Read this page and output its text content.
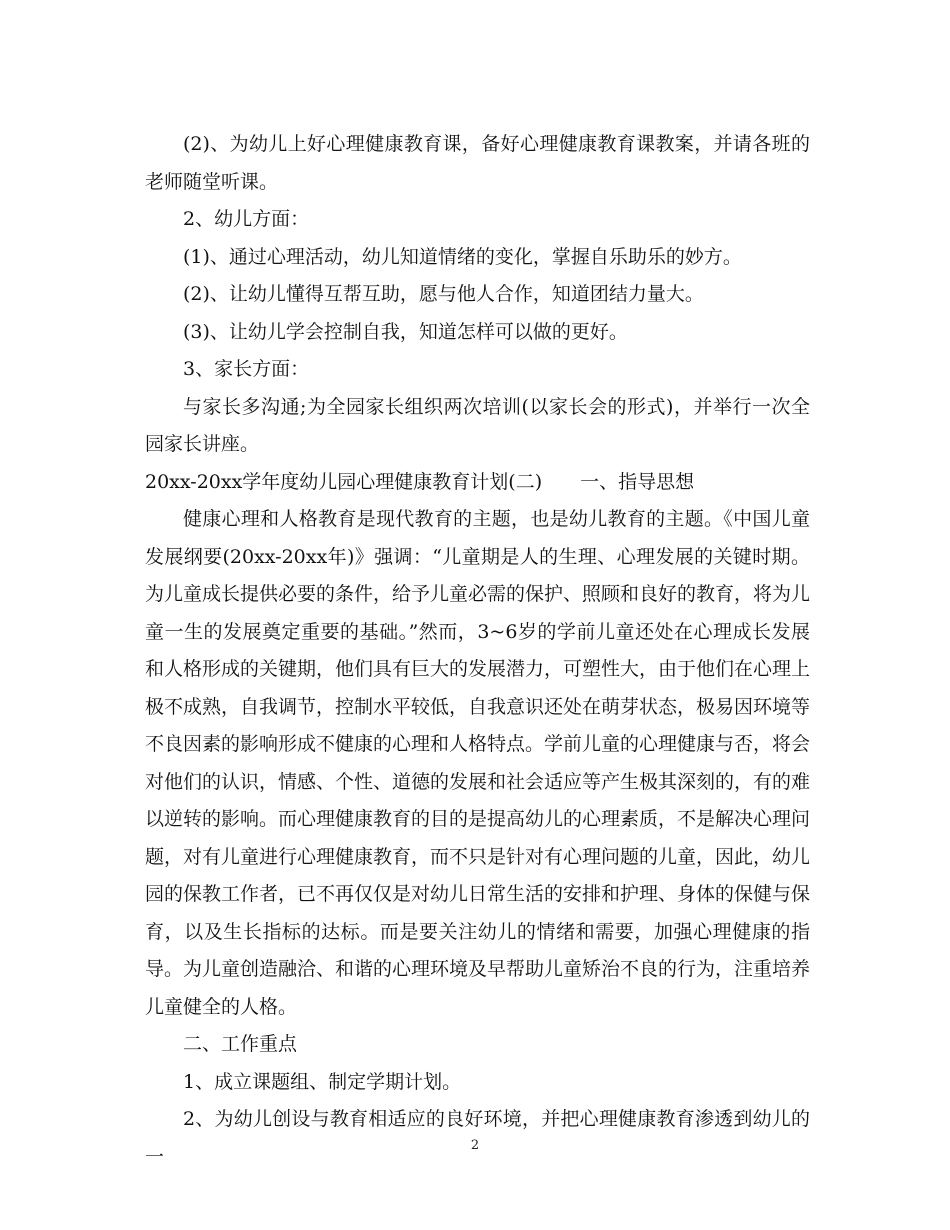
(2)、为幼儿上好心理健康教育课，备好心理健康教育课教案，并请各班的老师随堂听课。

2、幼儿方面：

(1)、通过心理活动，幼儿知道情绪的变化，掌握自乐助乐的妙方。

(2)、让幼儿懂得互帮互助，愿与他人合作，知道团结力量大。

(3)、让幼儿学会控制自我，知道怎样可以做的更好。

3、家长方面：

与家长多沟通;为全园家长组织两次培训(以家长会的形式)，并举行一次全园家长讲座。

20xx-20xx学年度幼儿园心理健康教育计划(二)　　一、指导思想

健康心理和人格教育是现代教育的主题，也是幼儿教育的主题。《中国儿童发展纲要(20xx-20xx年)》强调：“儿童期是人的生理、心理发展的关键时期。为儿童成长提供必要的条件，给予儿童必需的保护、照顾和良好的教育，将为儿童一生的发展奠定重要的基础。”然而，3~6岁的学前儿童还处在心理成长发展和人格形成的关键期，他们具有巨大的发展潜力，可塑性大，由于他们在心理上极不成熟，自我调节，控制水平较低，自我意识还处在萌芽状态，极易因环境等不良因素的影响形成不健康的心理和人格特点。学前儿童的心理健康与否，将会对他们的认识，情感、个性、道德的发展和社会适应等产生极其深刻的，有的难以逆转的影响。而心理健康教育的目的是提高幼儿的心理素质，不是解决心理问题，对有儿童进行心理健康教育，而不只是针对有心理问题的儿童，因此，幼儿园的保教工作者，已不再仅仅是对幼儿日常生活的安排和护理、身体的保健与保育，以及生长指标的达标。而是要关注幼儿的情绪和需要，加强心理健康的指导。为儿童创造融洽、和谐的心理环境及早帮助儿童矫治不良的行为，注重培养儿童健全的人格。

二、工作重点

1、成立课题组、制定学期计划。

2、为幼儿创设与教育相适应的良好环境，并把心理健康教育渗透到幼儿的一	2
